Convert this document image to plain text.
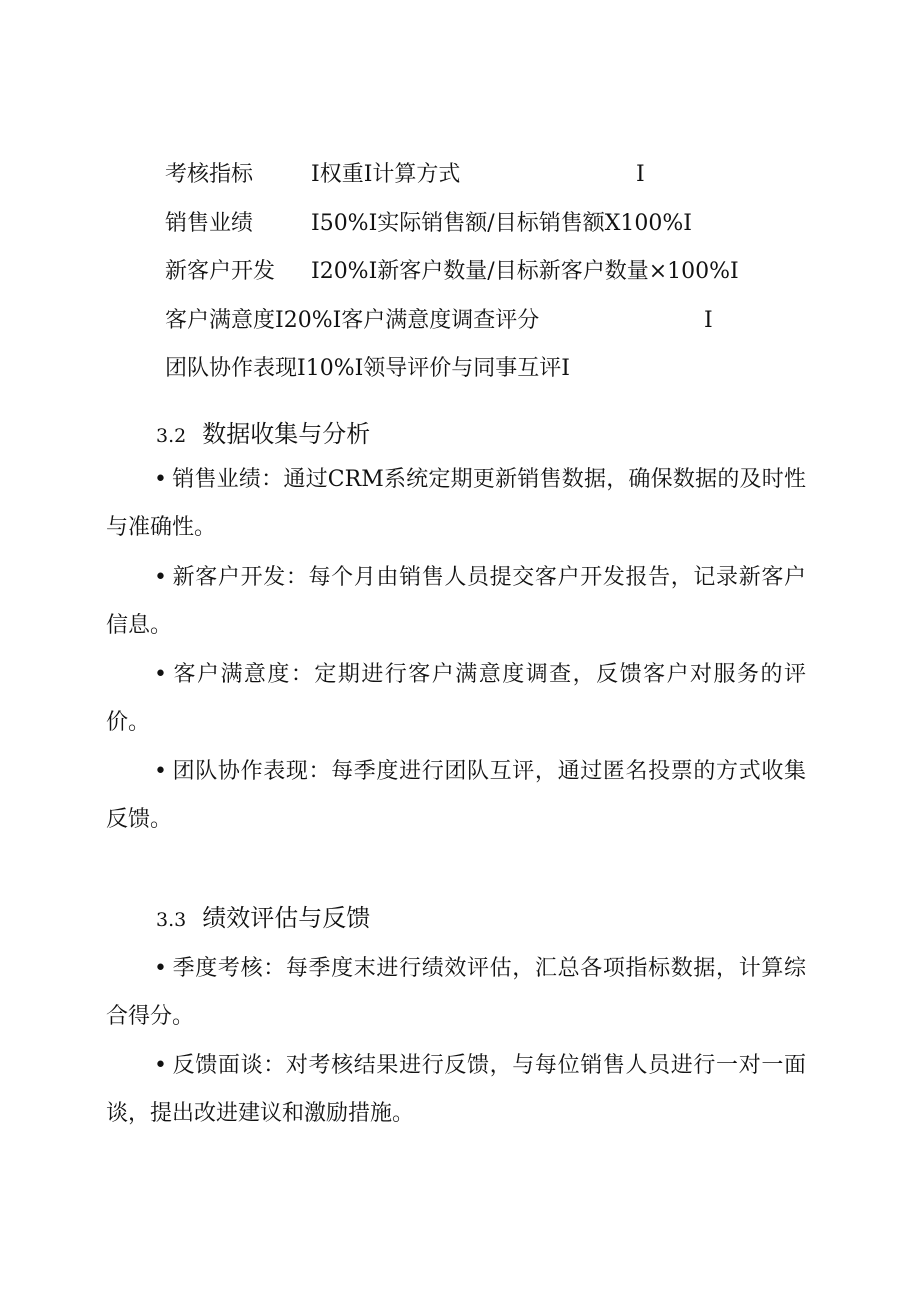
考核指标	I权重I计算方式	I
销售业绩	I50%I实际销售额/目标销售额X100%I
新客户开发 I20%I新客户数量/目标新客户数量×100%I
客户满意度I20%I客户满意度调查评分	I
团队协作表现I10%I领导评价与同事互评I
3.2 数据收集与分析
• 销售业绩：通过CRM系统定期更新销售数据，确保数据的及时性与准确性。
• 新客户开发：每个月由销售人员提交客户开发报告，记录新客户信息。
• 客户满意度：定期进行客户满意度调查，反馈客户对服务的评价。
• 团队协作表现：每季度进行团队互评，通过匿名投票的方式收集反馈。
3.3 绩效评估与反馈
• 季度考核：每季度末进行绩效评估，汇总各项指标数据，计算综合得分。
• 反馈面谈：对考核结果进行反馈，与每位销售人员进行一对一面谈，提出改进建议和激励措施。
